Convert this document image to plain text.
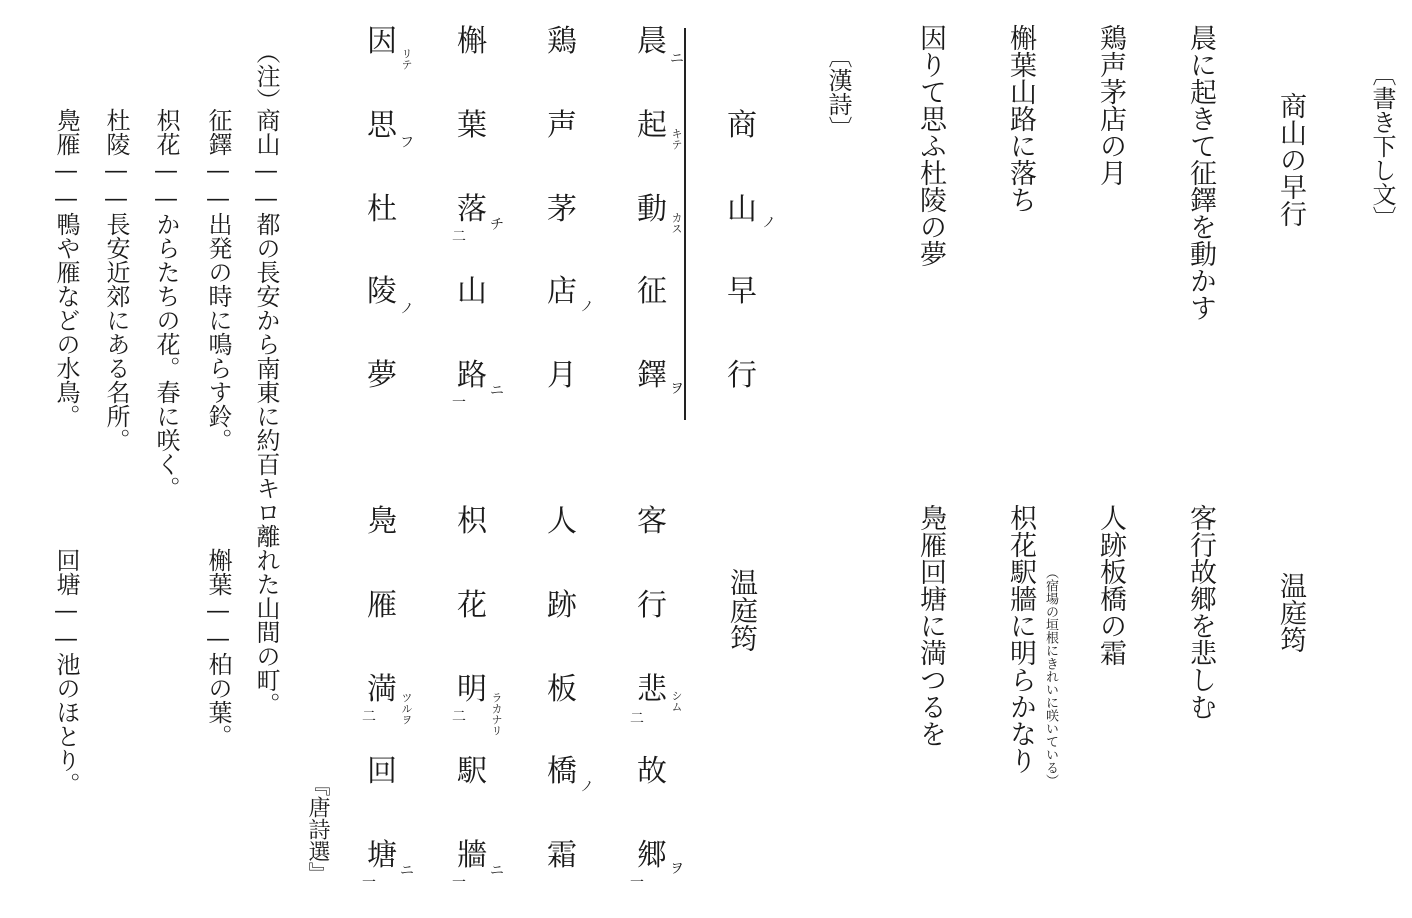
〔書き下し文〕
商山の早行
温庭筠
晨に起きて征鐸を動かす
客行故郷を悲しむ
鶏声茅店の月
人跡板橋の霜
槲葉山路に落ち
枳花駅牆に明らかなり （宿場の垣根にきれいに咲いている）
因りて思ふ杜陵の夢
鳧雁回塘に満つるを
〔漢詩〕
商
山
早
行
ノ
温庭筠
晨
起
動
征
鐸
客
行
悲
故
郷
ニ
キテ
カス
ヲ
シム
二
ヲ
一
鶏
声
茅
店
月
人
跡
板
橋
霜
ノ
ノ
槲
葉
落
山
路
枳
花
明
駅
牆
チ
二
ニ
一
ラカナリ
二
ニ
一
因
思
杜
陵
夢
鳧
雁
満
回
塘
リテ
フ
ノ
ツルヲ
二
ニ
一
『唐詩選』
（注）
商山
——
都の長安から南東に約百キロ離れた山間の町。
征鐸
——
出発の時に鳴らす鈴。
槲葉
——
柏の葉。
枳花
——
からたちの花。春に咲く。
杜陵
——
長安近郊にある名所。
鳧雁
——
鴨や雁などの水鳥。
回塘
——
池のほとり。
